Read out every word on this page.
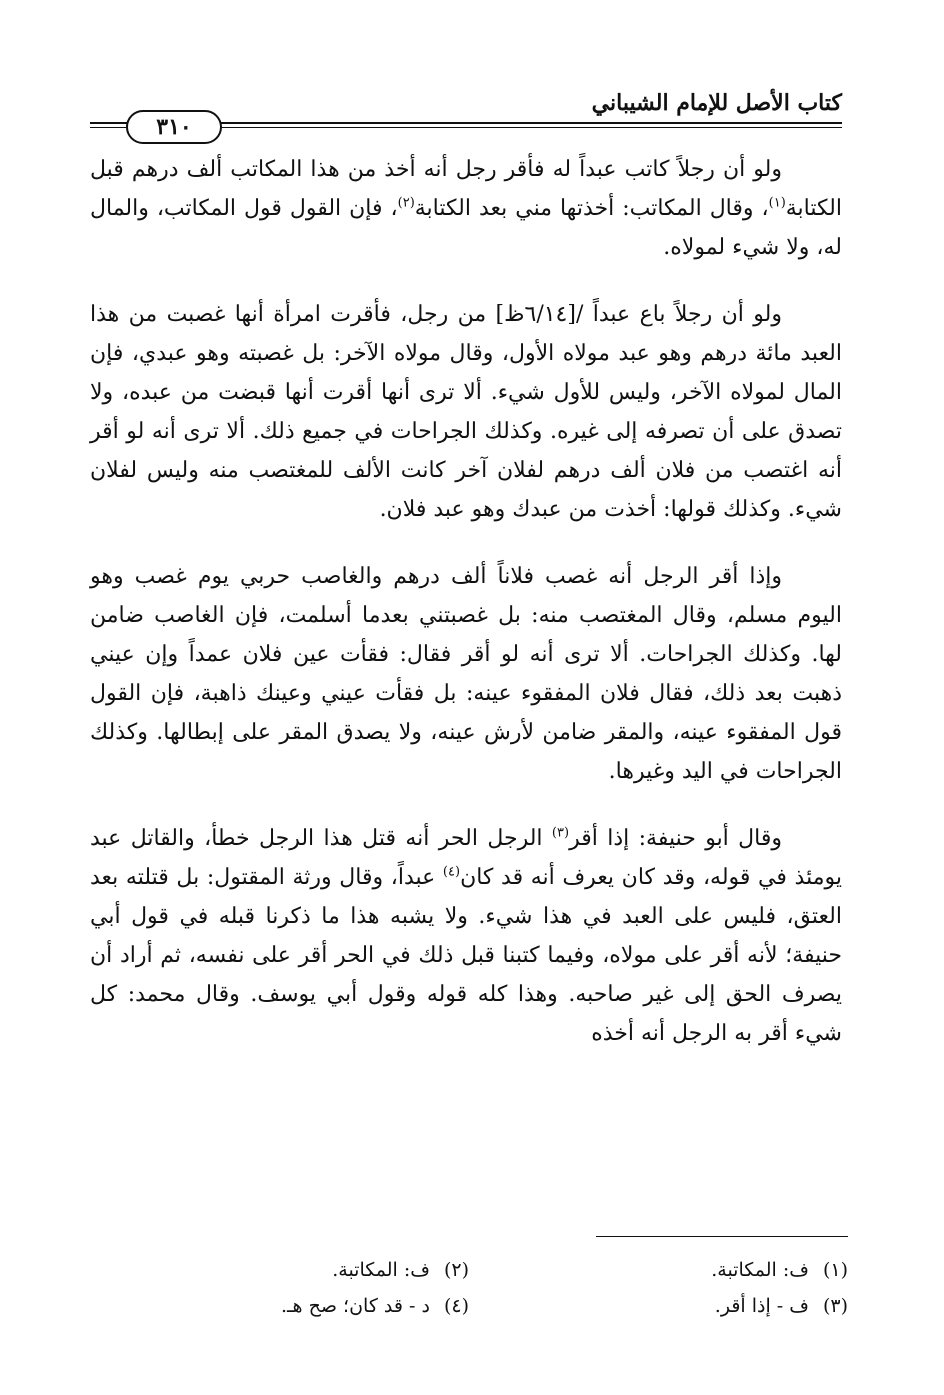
كتاب الأصل للإمام الشيباني
٣١٠

ولو أن رجلاً كاتب عبداً له فأقر رجل أنه أخذ من هذا المكاتب ألف درهم قبل الكتابة$^{(١)}$، وقال المكاتب: أخذتها مني بعد الكتابة$^{(٢)}$، فإن القول قول المكاتب، والمال له، ولا شيء لمولاه.

ولو أن رجلاً باع عبداً /[٦/١٤ظ] من رجل، فأقرت امرأة أنها غصبت من هذا العبد مائة درهم وهو عبد مولاه الأول، وقال مولاه الآخر: بل غصبته وهو عبدي، فإن المال لمولاه الآخر، وليس للأول شيء. ألا ترى أنها أقرت أنها قبضت من عبده، ولا تصدق على أن تصرفه إلى غيره. وكذلك الجراحات في جميع ذلك. ألا ترى أنه لو أقر أنه اغتصب من فلان ألف درهم لفلان آخر كانت الألف للمغتصب منه وليس لفلان شيء. وكذلك قولها: أخذت من عبدك وهو عبد فلان.

وإذا أقر الرجل أنه غصب فلاناً ألف درهم والغاصب حربي يوم غصب وهو اليوم مسلم، وقال المغتصب منه: بل غصبتني بعدما أسلمت، فإن الغاصب ضامن لها. وكذلك الجراحات. ألا ترى أنه لو أقر فقال: فقأت عين فلان عمداً وإن عيني ذهبت بعد ذلك، فقال فلان المفقوء عينه: بل فقأت عيني وعينك ذاهبة، فإن القول قول المفقوء عينه، والمقر ضامن لأرش عينه، ولا يصدق المقر على إبطالها. وكذلك الجراحات في اليد وغيرها.

وقال أبو حنيفة: إذا أقر$^{(٣)}$ الرجل الحر أنه قتل هذا الرجل خطأ، والقاتل عبد يومئذ في قوله، وقد كان يعرف أنه قد كان$^{(٤)}$ عبداً، وقال ورثة المقتول: بل قتلته بعد العتق، فليس على العبد في هذا شيء. ولا يشبه هذا ما ذكرنا قبله في قول أبي حنيفة؛ لأنه أقر على مولاه، وفيما كتبنا قبل ذلك في الحر أقر على نفسه، ثم أراد أن يصرف الحق إلى غير صاحبه. وهذا كله قوله وقول أبي يوسف. وقال محمد: كل شيء أقر به الرجل أنه أخذه

(١)ف: المكاتبة.
(٢)ف: المكاتبة.
(٣)ف - إذا أقر.
(٤)د - قد كان؛ صح هـ.
